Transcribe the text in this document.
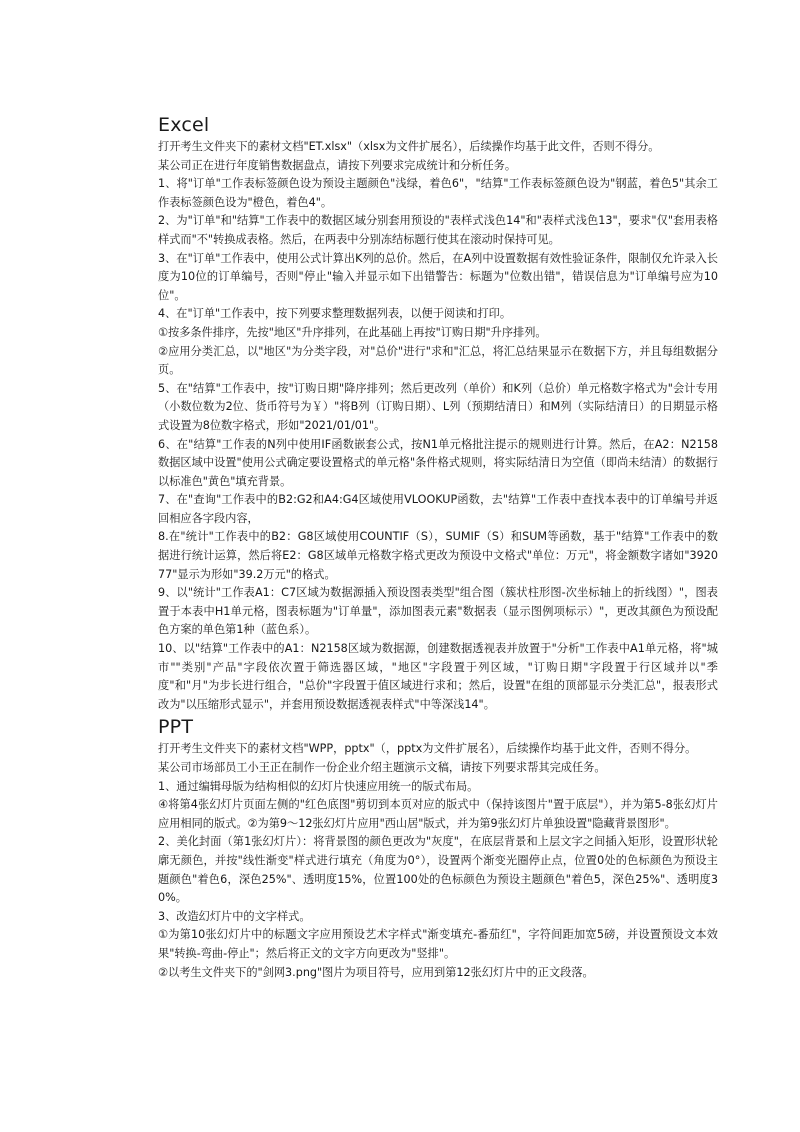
Excel

打开考生文件夹下的素材文档"ET.xlsx"（xlsx为文件扩展名），后续操作均基于此文件，否则不得分。

某公司正在进行年度销售数据盘点，请按下列要求完成统计和分析任务。

1、将"订单"工作表标签颜色设为预设主题颜色"浅绿，着色6"，"结算"工作表标签颜色设为"钢蓝，着色5"其余工作表标签颜色设为"橙色，着色4"。

2、为"订单"和"结算"工作表中的数据区域分别套用预设的"表样式浅色14"和"表样式浅色13"，要求"仅"套用表格样式而"不"转换成表格。然后，在两表中分别冻结标题行使其在滚动时保持可见。

3、在"订单"工作表中，使用公式计算出K列的总价。然后，在A列中设置数据有效性验证条件，限制仅允许录入长度为10位的订单编号，否则"停止"输入并显示如下出错警告：标题为"位数出错"，错误信息为"订单编号应为10位"。

4、在"订单"工作表中，按下列要求整理数据列表，以便于阅读和打印。

①按多条件排序，先按"地区"升序排列，在此基础上再按"订购日期"升序排列。

②应用分类汇总，以"地区"为分类字段，对"总价"进行"求和"汇总，将汇总结果显示在数据下方，并且每组数据分页。

5、在"结算"工作表中，按"订购日期"降序排列；然后更改列（单价）和K列（总价）单元格数字格式为"会计专用（小数位数为2位、货币符号为￥）"将B列（订购日期）、L列（预期结清日）和M列（实际结清日）的日期显示格式设置为8位数字格式，形如"2021/01/01"。

6、在"结算"工作表的N列中使用IF函数嵌套公式，按N1单元格批注提示的规则进行计算。然后，在A2：N2158数据区域中设置"使用公式确定要设置格式的单元格"条件格式规则，将实际结清日为空值（即尚未结清）的数据行以标准色"黄色"填充背景。

7、在"查询"工作表中的B2:G2和A4:G4区域使用VLOOKUP函数，去"结算"工作表中查找本表中的订单编号并返回相应各字段内容，

8.在"统计"工作表中的B2：G8区域使用COUNTIF（S），SUMIF（S）和SUM等函数，基于"结算"工作表中的数据进行统计运算，然后将E2：G8区域单元格数字格式更改为预设中文格式"单位：万元"，将金额数字诸如"392077"显示为形如"39.2万元"的格式。

9、以"统计"工作表A1：C7区域为数据源插入预设图表类型"组合图（簇状柱形图-次坐标轴上的折线图）"，图表置于本表中H1单元格，图表标题为"订单量"，添加图表元素"数据表（显示图例项标示）"，更改其颜色为预设配色方案的单色第1种（蓝色系）。

10、以"结算"工作表中的A1：N2158区域为数据源，创建数据透视表并放置于"分析"工作表中A1单元格，将"城市""类别"产品"字段依次置于筛选器区域，"地区"字段置于列区域，"订购日期"字段置于行区域并以"季度"和"月"为步长进行组合，"总价"字段置于值区域进行求和；然后，设置"在组的顶部显示分类汇总"，报表形式改为"以压缩形式显示"，并套用预设数据透视表样式"中等深浅14"。

PPT

打开考生文件夹下的素材文档"WPP，pptx"（，pptx为文件扩展名），后续操作均基于此文件，否则不得分。

某公司市场部员工小王正在制作一份企业介绍主题演示文稿，请按下列要求帮其完成任务。

1、通过编辑母版为结构相似的幻灯片快速应用统一的版式布局。

④将第4张幻灯片页面左侧的"红色底图"剪切到本页对应的版式中（保持该图片"置于底层"），并为第5-8张幻灯片应用相同的版式。②为第9～12张幻灯片应用"西山居"版式，并为第9张幻灯片单独设置"隐藏背景图形"。

2、美化封面（第1张幻灯片）：将背景图的颜色更改为"灰度"，在底层背景和上层文字之间插入矩形，设置形状轮廓无颜色，并按"线性渐变"样式进行填充（角度为0°），设置两个渐变光圈停止点，位置0处的色标颜色为预设主题颜色"着色6，深色25%"、透明度15%，位置100处的色标颜色为预设主题颜色"着色5，深色25%"、透明度30%。

3、改造幻灯片中的文字样式。

①为第10张幻灯片中的标题文字应用预设艺术字样式"渐变填充-番茄红"，字符间距加宽5磅，并设置预设文本效果"转换-弯曲-停止"；然后将正文的文字方向更改为"竖排"。

②以考生文件夹下的"剑网3.png"图片为项目符号，应用到第12张幻灯片中的正文段落。
